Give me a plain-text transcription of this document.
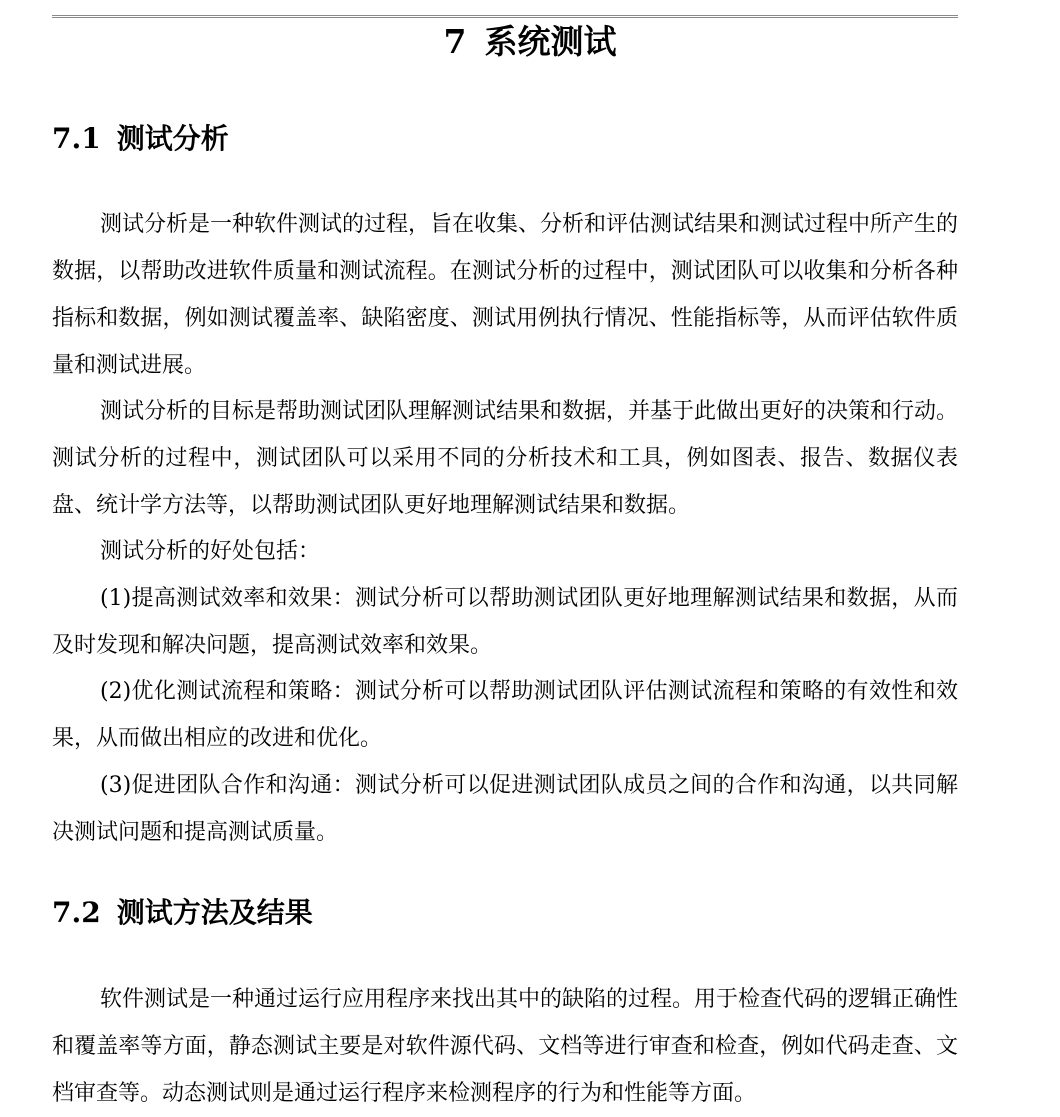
7 系统测试
7.1 测试分析

测试分析是一种软件测试的过程，旨在收集、分析和评估测试结果和测试过程中所产生的数据，以帮助改进软件质量和测试流程。在测试分析的过程中，测试团队可以收集和分析各种指标和数据，例如测试覆盖率、缺陷密度、测试用例执行情况、性能指标等，从而评估软件质量和测试进展。

测试分析的目标是帮助测试团队理解测试结果和数据，并基于此做出更好的决策和行动。测试分析的过程中，测试团队可以采用不同的分析技术和工具，例如图表、报告、数据仪表盘、统计学方法等，以帮助测试团队更好地理解测试结果和数据。

测试分析的好处包括：

(1)提高测试效率和效果：测试分析可以帮助测试团队更好地理解测试结果和数据，从而及时发现和解决问题，提高测试效率和效果。

(2)优化测试流程和策略：测试分析可以帮助测试团队评估测试流程和策略的有效性和效果，从而做出相应的改进和优化。

(3)促进团队合作和沟通：测试分析可以促进测试团队成员之间的合作和沟通，以共同解决测试问题和提高测试质量。

7.2 测试方法及结果

软件测试是一种通过运行应用程序来找出其中的缺陷的过程。用于检查代码的逻辑正确性和覆盖率等方面，静态测试主要是对软件源代码、文档等进行审查和检查，例如代码走查、文档审查等。动态测试则是通过运行程序来检测程序的行为和性能等方面。
